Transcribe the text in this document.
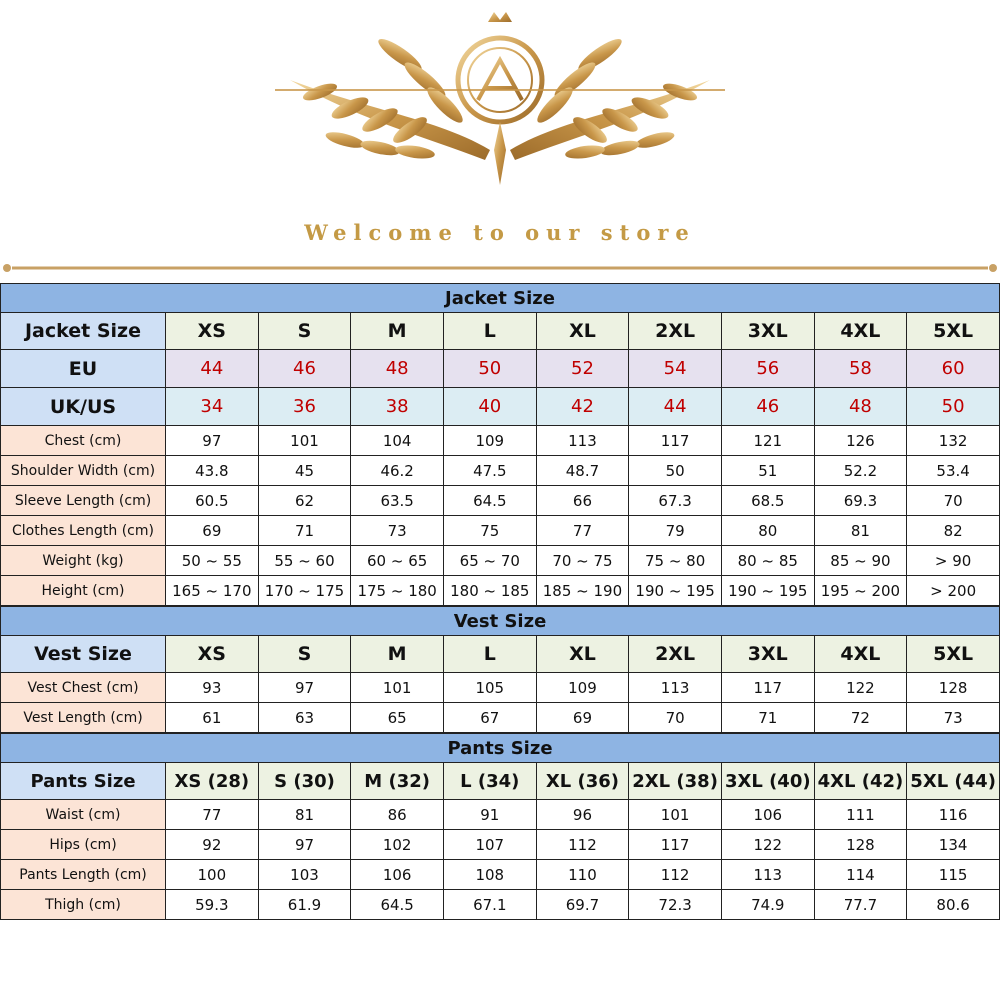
Welcome to our store
Jacket Size									
Jacket Size	XS	S	M	L	XL	2XL	3XL	4XL	5XL
EU	44	46	48	50	52	54	56	58	60
UK/US	34	36	38	40	42	44	46	48	50
Chest (cm)	97	101	104	109	113	117	121	126	132
Shoulder Width (cm)	43.8	45	46.2	47.5	48.7	50	51	52.2	53.4
Sleeve Length (cm)	60.5	62	63.5	64.5	66	67.3	68.5	69.3	70
Clothes Length (cm)	69	71	73	75	77	79	80	81	82
Weight (kg)	50 ~ 55	55 ~ 60	60 ~ 65	65 ~ 70	70 ~ 75	75 ~ 80	80 ~ 85	85 ~ 90	> 90
Height (cm)	165 ~ 170	170 ~ 175	175 ~ 180	180 ~ 185	185 ~ 190	190 ~ 195	190 ~ 195	195 ~ 200	> 200
Vest Size									
Vest Size	XS	S	M	L	XL	2XL	3XL	4XL	5XL
Vest Chest (cm)	93	97	101	105	109	113	117	122	128
Vest Length (cm)	61	63	65	67	69	70	71	72	73
Pants Size									
Pants Size	XS (28)	S (30)	M (32)	L (34)	XL (36)	2XL (38)	3XL (40)	4XL (42)	5XL (44)
Waist (cm)	77	81	86	91	96	101	106	111	116
Hips (cm)	92	97	102	107	112	117	122	128	134
Pants Length (cm)	100	103	106	108	110	112	113	114	115
Thigh (cm)	59.3	61.9	64.5	67.1	69.7	72.3	74.9	77.7	80.6
